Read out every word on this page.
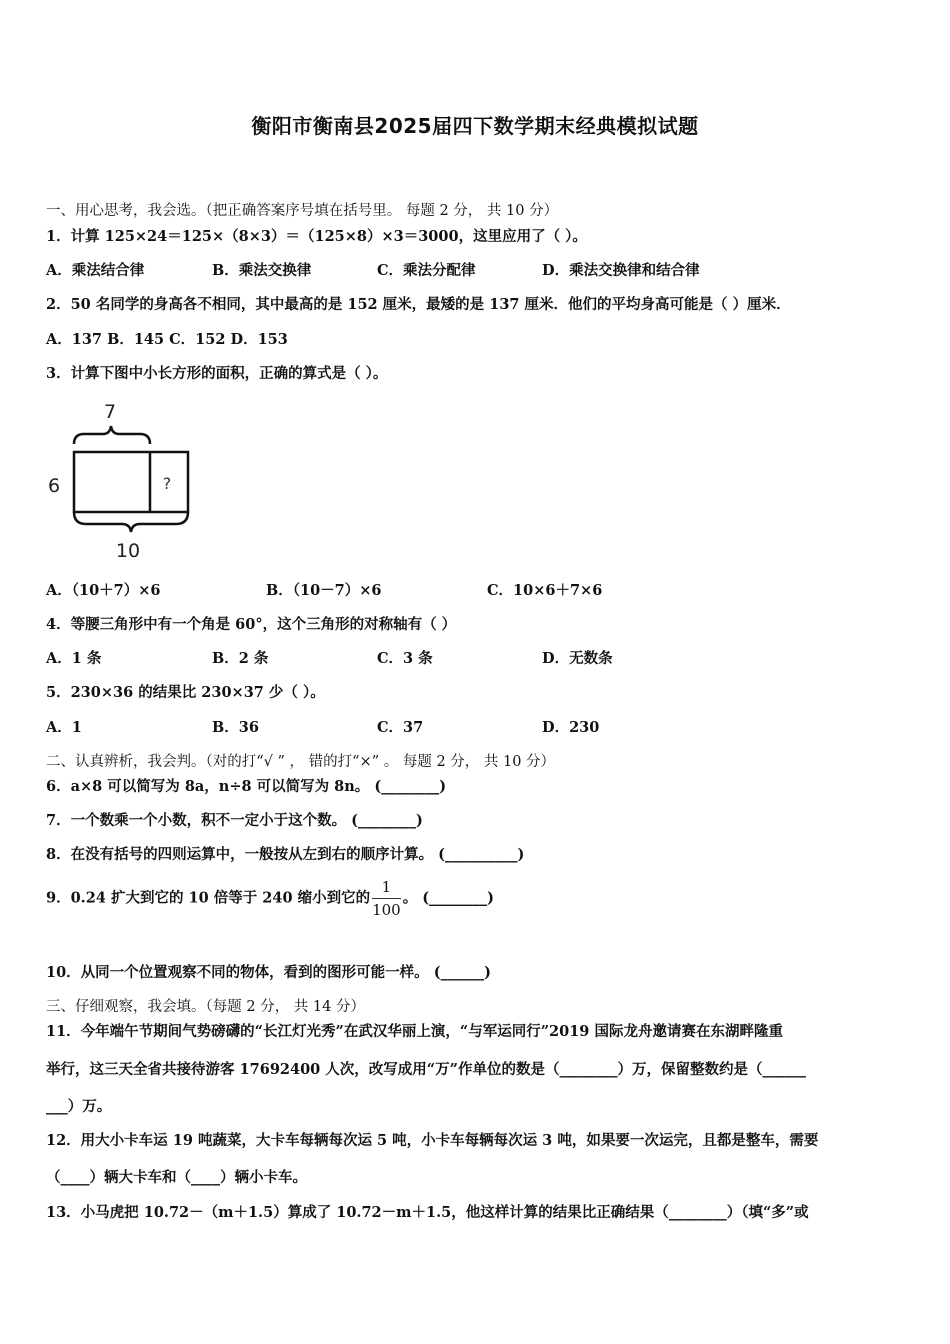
衡阳市衡南县2025届四下数学期末经典模拟试题
一、用心思考，我会选。（把正确答案序号填在括号里。 每题 2 分， 共 10 分）
1．计算 125×24＝125×（8×3）＝（125×8）×3＝3000，这里应用了（ ）。
A．乘法结合律	B．乘法交换律	C．乘法分配律	D．乘法交换律和结合律
2．50 名同学的身高各不相同，其中最高的是 152 厘米，最矮的是 137 厘米．他们的平均身高可能是（ ）厘米．
A．137 B．145 C．152 D．153
3．计算下图中小长方形的面积，正确的算式是（ ）。
7
?
6
10
A．（10＋7）×6	B．（10－7）×6	C．10×6＋7×6
4．等腰三角形中有一个角是 60°，这个三角形的对称轴有（ ）
A．1 条	B．2 条	C．3 条	D．无数条
5．230×36 的结果比 230×37 少（ ）。
A．1	B．36	C．37	D．230
二、认真辨析，我会判。（对的打“√ ” ， 错的打“×” 。 每题 2 分， 共 10 分）
6．a×8 可以简写为 8a，n÷8 可以简写为 8n。 (________)
7．一个数乘一个小数，积不一定小于这个数。 (________)
8．在没有括号的四则运算中，一般按从左到右的顺序计算。 (__________)
9．0.24 扩大到它的 10 倍等于 240 缩小到它的 $\frac{1}{100}$ 。 (________)
10．从同一个位置观察不同的物体，看到的图形可能一样。 (______)
三、仔细观察，我会填。（每题 2 分， 共 14 分）
11．今年端午节期间气势磅礴的“长江灯光秀”在武汉华丽上演，“与军运同行”2019 国际龙舟邀请赛在东湖畔隆重
举行，这三天全省共接待游客 17692400 人次，改写成用“万”作单位的数是（________）万，保留整数约是（______
___）万。
12．用大小卡车运 19 吨蔬菜，大卡车每辆每次运 5 吨，小卡车每辆每次运 3 吨，如果要一次运完，且都是整车，需要
（____）辆大卡车和（____）辆小卡车。
13．小马虎把 10.72－（m＋1.5）算成了 10.72－m＋1.5，他这样计算的结果比正确结果（________）（填“多”或
